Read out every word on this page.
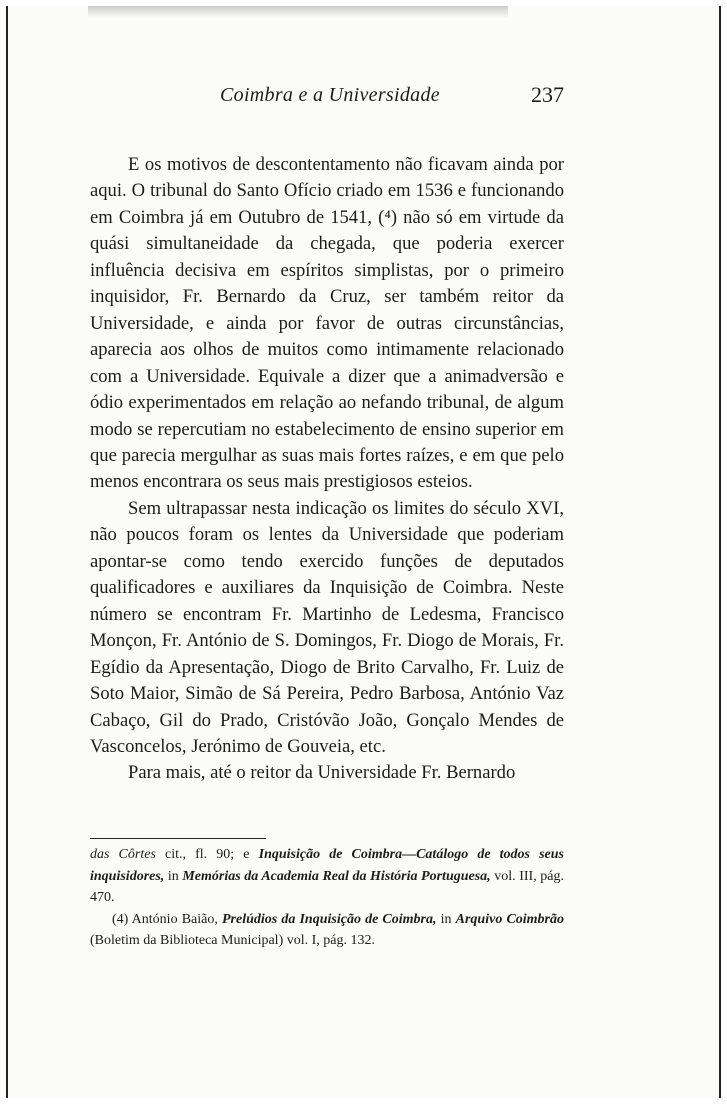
Coimbra e a Universidade	237

E os motivos de descontentamento não ficavam ainda por aqui. O tribunal do Santo Ofício criado em 1536 e funcionando em Coimbra já em Outubro de 1541, (⁴) não só em virtude da quási simultaneidade da chegada, que poderia exercer influência decisiva em espíritos simplistas, por o primeiro inquisidor, Fr. Bernardo da Cruz, ser também reitor da Universidade, e ainda por favor de outras circunstâncias, aparecia aos olhos de muitos como intimamente relacionado com a Universidade. Equivale a dizer que a animadversão e ódio experimentados em relação ao nefando tribunal, de algum modo se repercutiam no estabelecimento de ensino superior em que parecia mergulhar as suas mais fortes raízes, e em que pelo menos encontrara os seus mais prestigiosos esteios.

Sem ultrapassar nesta indicação os limites do século XVI, não poucos foram os lentes da Universidade que poderiam apontar-se como tendo exercido funções de deputados qualificadores e auxiliares da Inquisição de Coimbra. Neste número se encontram Fr. Martinho de Ledesma, Francisco Monçon, Fr. António de S. Domingos, Fr. Diogo de Morais, Fr. Egídio da Apresentação, Diogo de Brito Carvalho, Fr. Luiz de Soto Maior, Simão de Sá Pereira, Pedro Barbosa, António Vaz Cabaço, Gil do Prado, Cristóvão João, Gonçalo Mendes de Vasconcelos, Jerónimo de Gouveia, etc.

Para mais, até o reitor da Universidade Fr. Bernardo

das Côrtes cit., fl. 90; e Inquisição de Coimbra—Catálogo de todos seus inquisidores, in Memórias da Academia Real da História Portuguesa, vol. III, pág. 470.

(4) António Baião, Prelúdios da Inquisição de Coimbra, in Arquivo Coimbrão (Boletim da Biblioteca Municipal) vol. I, pág. 132.
